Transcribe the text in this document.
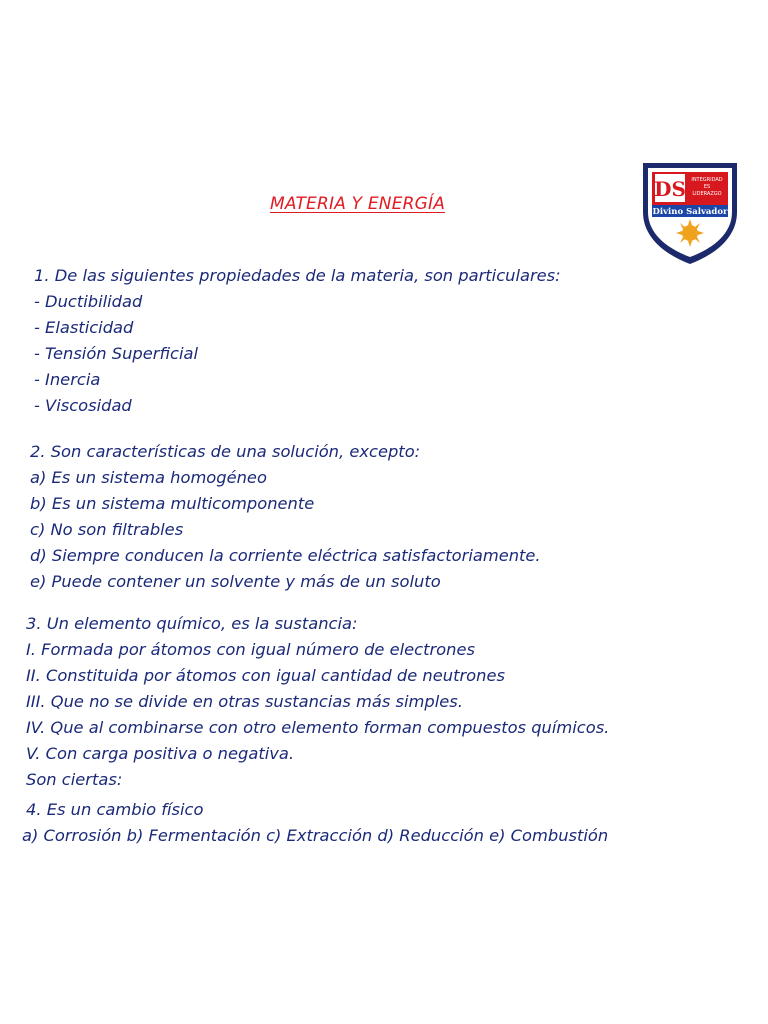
MATERIA Y ENERGÍA
DS INTEGRIDAD
ES
LIDERAZGO
Divino Salvador
1. De las siguientes propiedades de la materia, son particulares:
- Ductibilidad
- Elasticidad
- Tensión Superficial
- Inercia
- Viscosidad
2. Son características de una solución, excepto:
a) Es un sistema homogéneo
b) Es un sistema multicomponente
c) No son filtrables
d) Siempre conducen la corriente eléctrica satisfactoriamente.
e) Puede contener un solvente y más de un soluto
3. Un elemento químico, es la sustancia:
I. Formada por átomos con igual número de electrones
II. Constituida por átomos con igual cantidad de neutrones
III. Que no se divide en otras sustancias más simples.
IV. Que al combinarse con otro elemento forman compuestos químicos.
V. Con carga positiva o negativa.
Son ciertas:
4. Es un cambio físico
a) Corrosión b) Fermentación c) Extracción d) Reducción e) Combustión
